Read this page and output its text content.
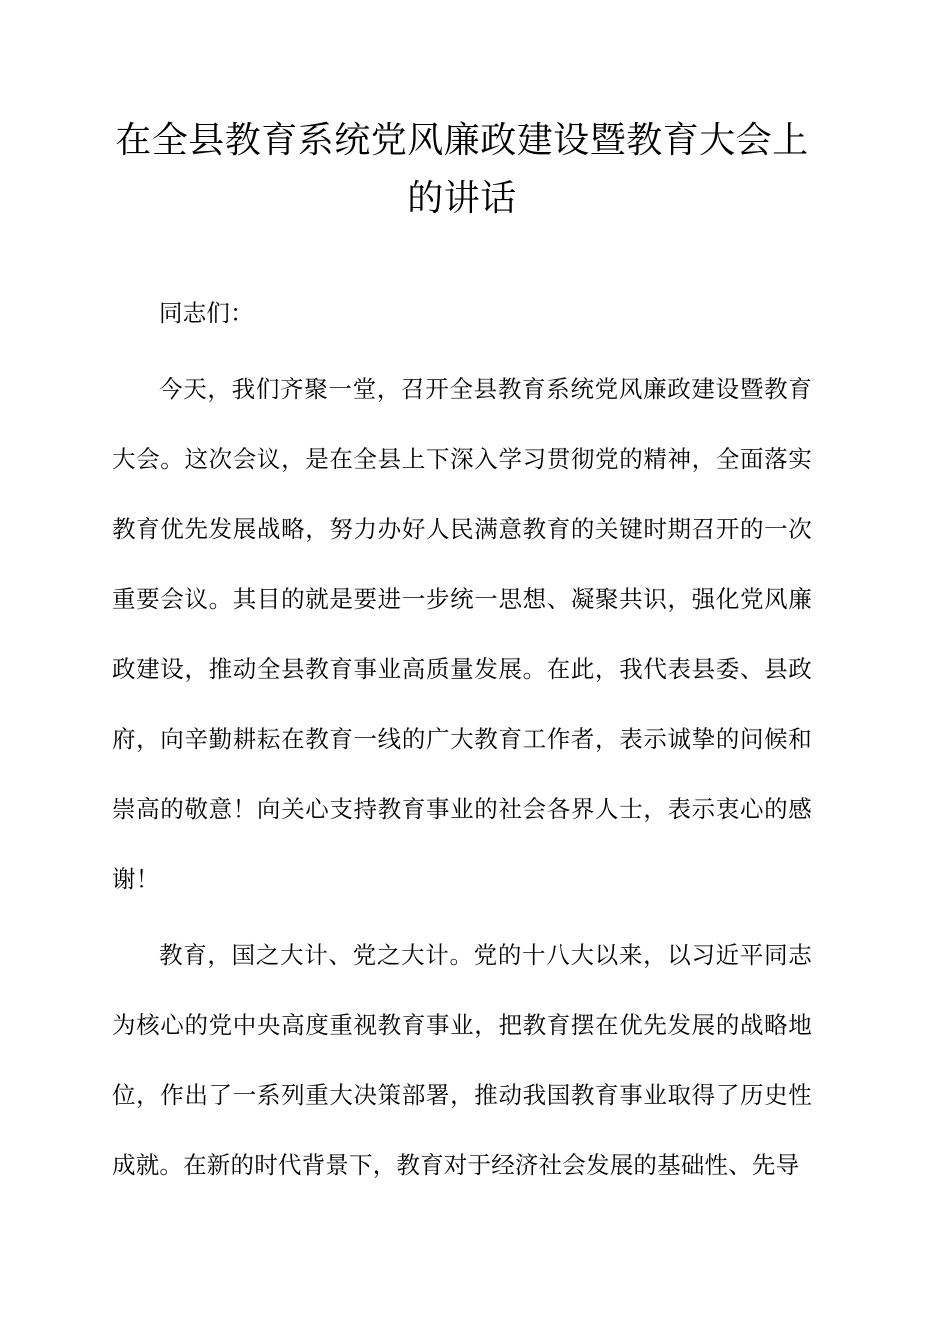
在全县教育系统党风廉政建设暨教育大会上的讲话

同志们：

今天，我们齐聚一堂，召开全县教育系统党风廉政建设暨教育大会。这次会议，是在全县上下深入学习贯彻党的精神，全面落实教育优先发展战略，努力办好人民满意教育的关键时期召开的一次重要会议。其目的就是要进一步统一思想、凝聚共识，强化党风廉政建设，推动全县教育事业高质量发展。在此，我代表县委、县政府，向辛勤耕耘在教育一线的广大教育工作者，表示诚挚的问候和崇高的敬意！向关心支持教育事业的社会各界人士，表示衷心的感谢！

教育，国之大计、党之大计。党的十八大以来，以习近平同志为核心的党中央高度重视教育事业，把教育摆在优先发展的战略地位，作出了一系列重大决策部署，推动我国教育事业取得了历史性成就。在新的时代背景下，教育对于经济社会发展的基础性、先导
